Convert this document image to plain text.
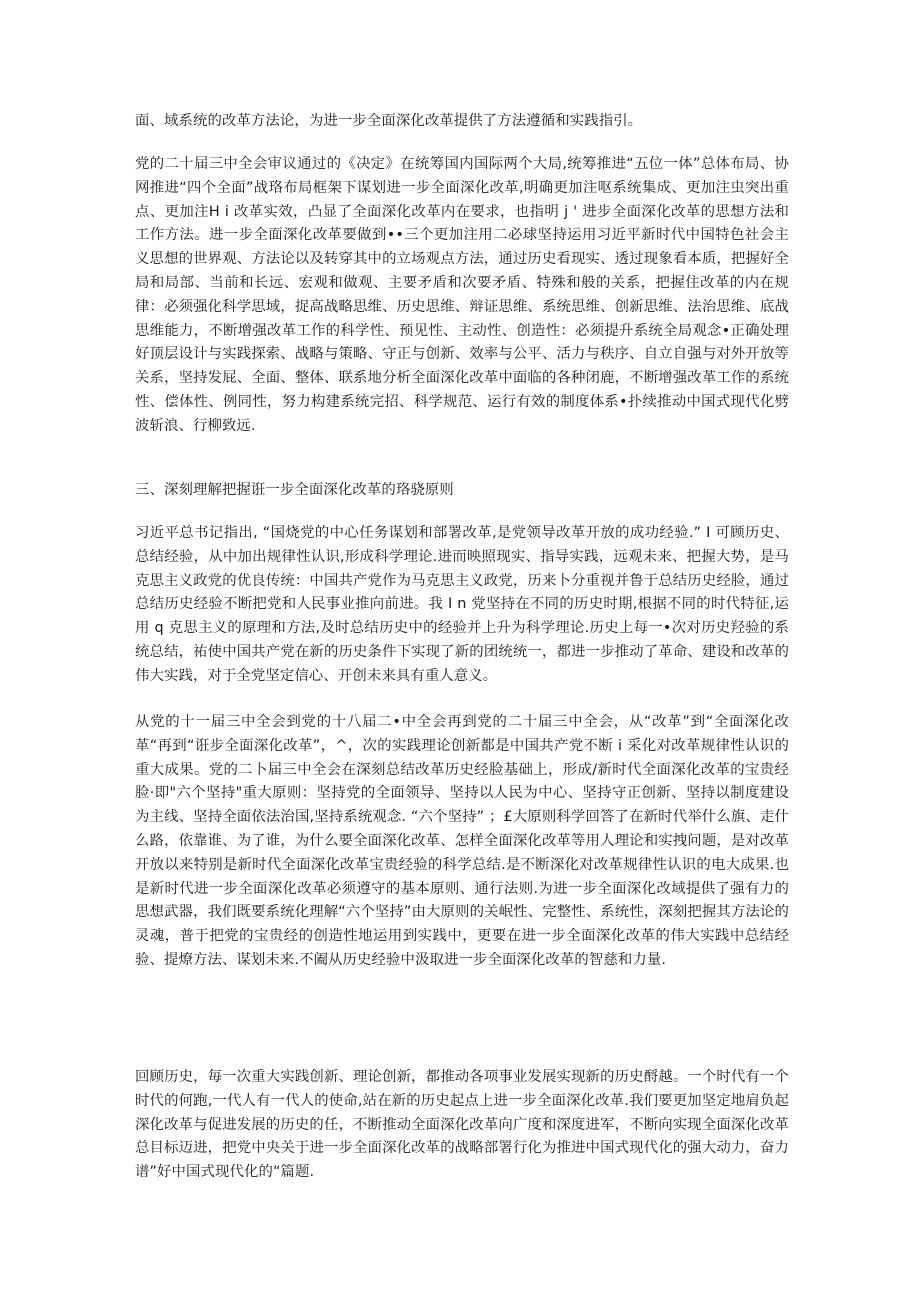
面、域系统的改革方法论，为进一步全面深化改革提供了方法遵循和实践指引。

党的二十届三中全会审议通过的《决定》在统筹国内国际两个大局,统筹推进“五位一体”总体布局、协网推进“四个全面”战珞布局框架下谋划进一步全面深化改革,明确更加注呕系统集成、更加注虫突出重点、更加注H i 改革实效，凸显了全面深化改革内在要求，也指明 j ' 进步全面深化改革的思想方法和工作方法。进一步全面深化改革要做到••三个更加注用二必球坚持运用习近平新时代中国特色社会主义思想的世界观、方法论以及转穿其中的立场观点方法，通过历史看现实、透过现象看本质，把握好全局和局部、当前和长远、宏观和做观、主要矛盾和次要矛盾、特殊和般的关系，把握住改革的内在规律：必须强化科学思域，捉高战略思维、历史思维、辩证思维、系统思维、创新思维、法治思维、底战思维能力，不断增强改革工作的科学性、预见性、主动性、创造性：必须提升系统全局观念•正确处理好顶层设计与实践探索、战略与策略、守正与创新、效率与公平、活力与秩序、自立自强与对外开放等关系，坚持发屁、全面、整体、联系地分析全面深化改革中面临的各种闭鹿，不断增强改革工作的系统性、偿体性、例同性，努力构建系统完招、科学规范、运行有效的制度体系•扑续推动中国式现代化劈波斩浪、行柳致远.

三、深刻理解把握诳一步全面深化改革的珞骁原则

习近平总书记指出, “国烧党的中心任务谋划和部署改革,是党领导改革开放的成功经验.” I 可顾历史、总结经验，从中加出规律性认识,形成科学理论.进而映照现实、指导实践，远观未来、把握大势，是马克思主义政党的优良传统：中国共产党作为马克思主义政党，历来卜分重视并鲁于总结历史经脸，通过总结历史经验不断把党和人民事业推向前进。我 I n 党坚持在不同的历史时期,根据不同的时代特征,运用 q 克思主义的原理和方法,及时总结历史中的经验并上升为科学理论.历史上每一•次对历史羟验的系统总结，祐使中国共产党在新的历史条件下实现了新的团统统一，都进一步推动了革命、建设和改革的伟大实践，对于全党坚定信心、开创未来具有重人意义。

从党的十一届三中全会到党的十八届二•中全会再到党的二十届三中全会，从“改革”到“全面深化改革“再到“诳步全面深化改革”，^，次的实践理论创新都是中国共产党不断 i 采化对改革规律性认识的重大成果。党的二卜届三中全会在深刻总结改革历史经脸基础上，形成/新时代全面深化改革的宝贵经脸·即"六个坚持"重大原则：坚持党的全面领导、坚持以人民为中心、坚持守正创新、坚持以制度建设为主线、坚持全面依法治国,坚持系统观念. “六个坚持” ；£大原则科学回答了在新时代举什么旗、走什么路，依靠谁、为了谁，为什么要全面深化改革、怎样全面深化改革等用人理论和实拽问题，是对改革开放以来特别是新时代全面深化改革宝贵经验的科学总结.是不断深化对改革规律性认识的电大成果.也是新时代进一步全面深化改革必须遵守的基本原则、通行法则.为进一步全面深化改域提供了强有力的思想武器，我们既要系统化理解“六个坚持”由大原则的关岷性、完整性、系统性，深刻把握其方法论的灵魂，普于把党的宝贵经的创造性地运用到实践中，更要在进一步全面深化改革的伟大实践中总结经验、提燎方法、谋划未来.不阖从历史经验中汲取进一步全面深化改革的智慈和力量.

回顾历史，毎一次重大实践创新、理论创新，都推动各项事业发展实现新的历史酹越。一个时代有一个时代的何跑,一代人有一代人的使命,站在新的历史起点上进一步全面深化改革.我们要更加坚定地肩负起深化改革与促进发展的历史的任，不断推动全面深化改革向广度和深度进军，不断向实现全面深化改革总目标迈进，把党中央关于进一步全面深化改革的战略部署行化为推进中国式现代化的强大动力，奋力谱”好中国式现代化的“篇题.
